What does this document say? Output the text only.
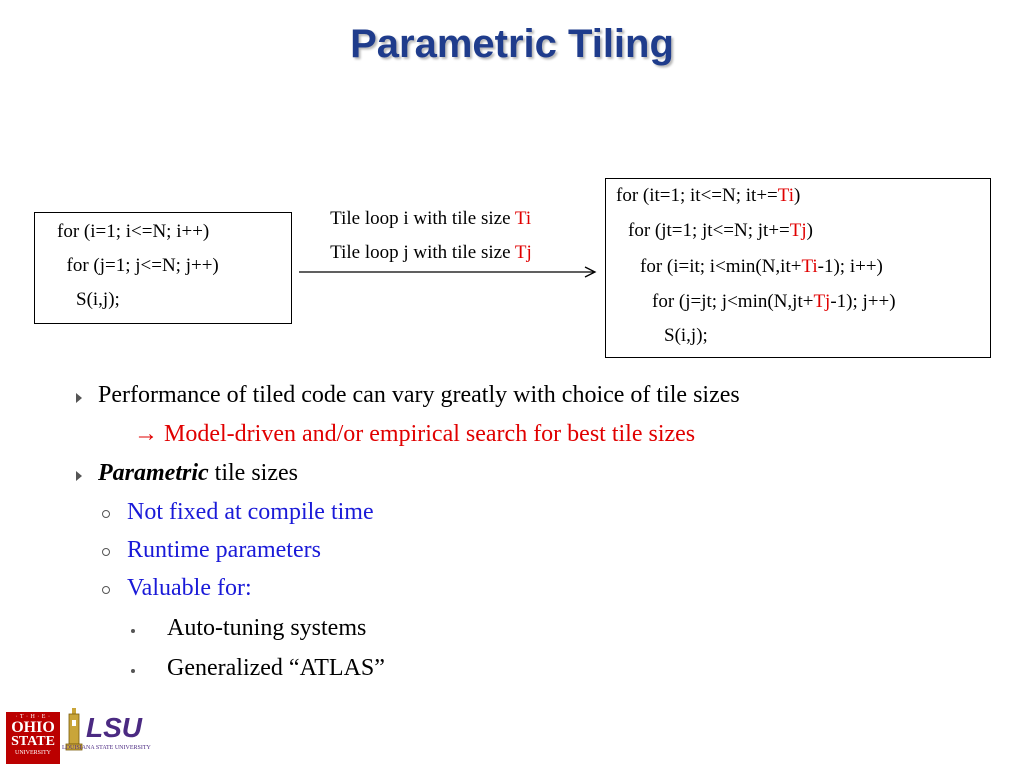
Parametric Tiling
for (i=1; i<=N; i++)
for (j=1; j<=N; j++)
S(i,j);

Tile loop i with tile size Ti

Tile loop j with tile size Tj

for (it=1; it<=N; it+=Ti)
for (jt=1; jt<=N; jt+=Tj)
for (i=it; i<min(N,it+Ti-1); i++)
for (j=jt; j<min(N,jt+Tj-1); j++)
S(i,j);
Performance of tiled code can vary greatly with choice of tile sizes
→ Model-driven and/or empirical search for best tile sizes
Parametric tile sizes
Not fixed at compile time
Runtime parameters
Valuable for:
Auto-tuning systems
Generalized “ATLAS”
· T · H · E ·
OHIO
STATE
UNIVERSITY
LSU
LOUISIANA STATE UNIVERSITY
